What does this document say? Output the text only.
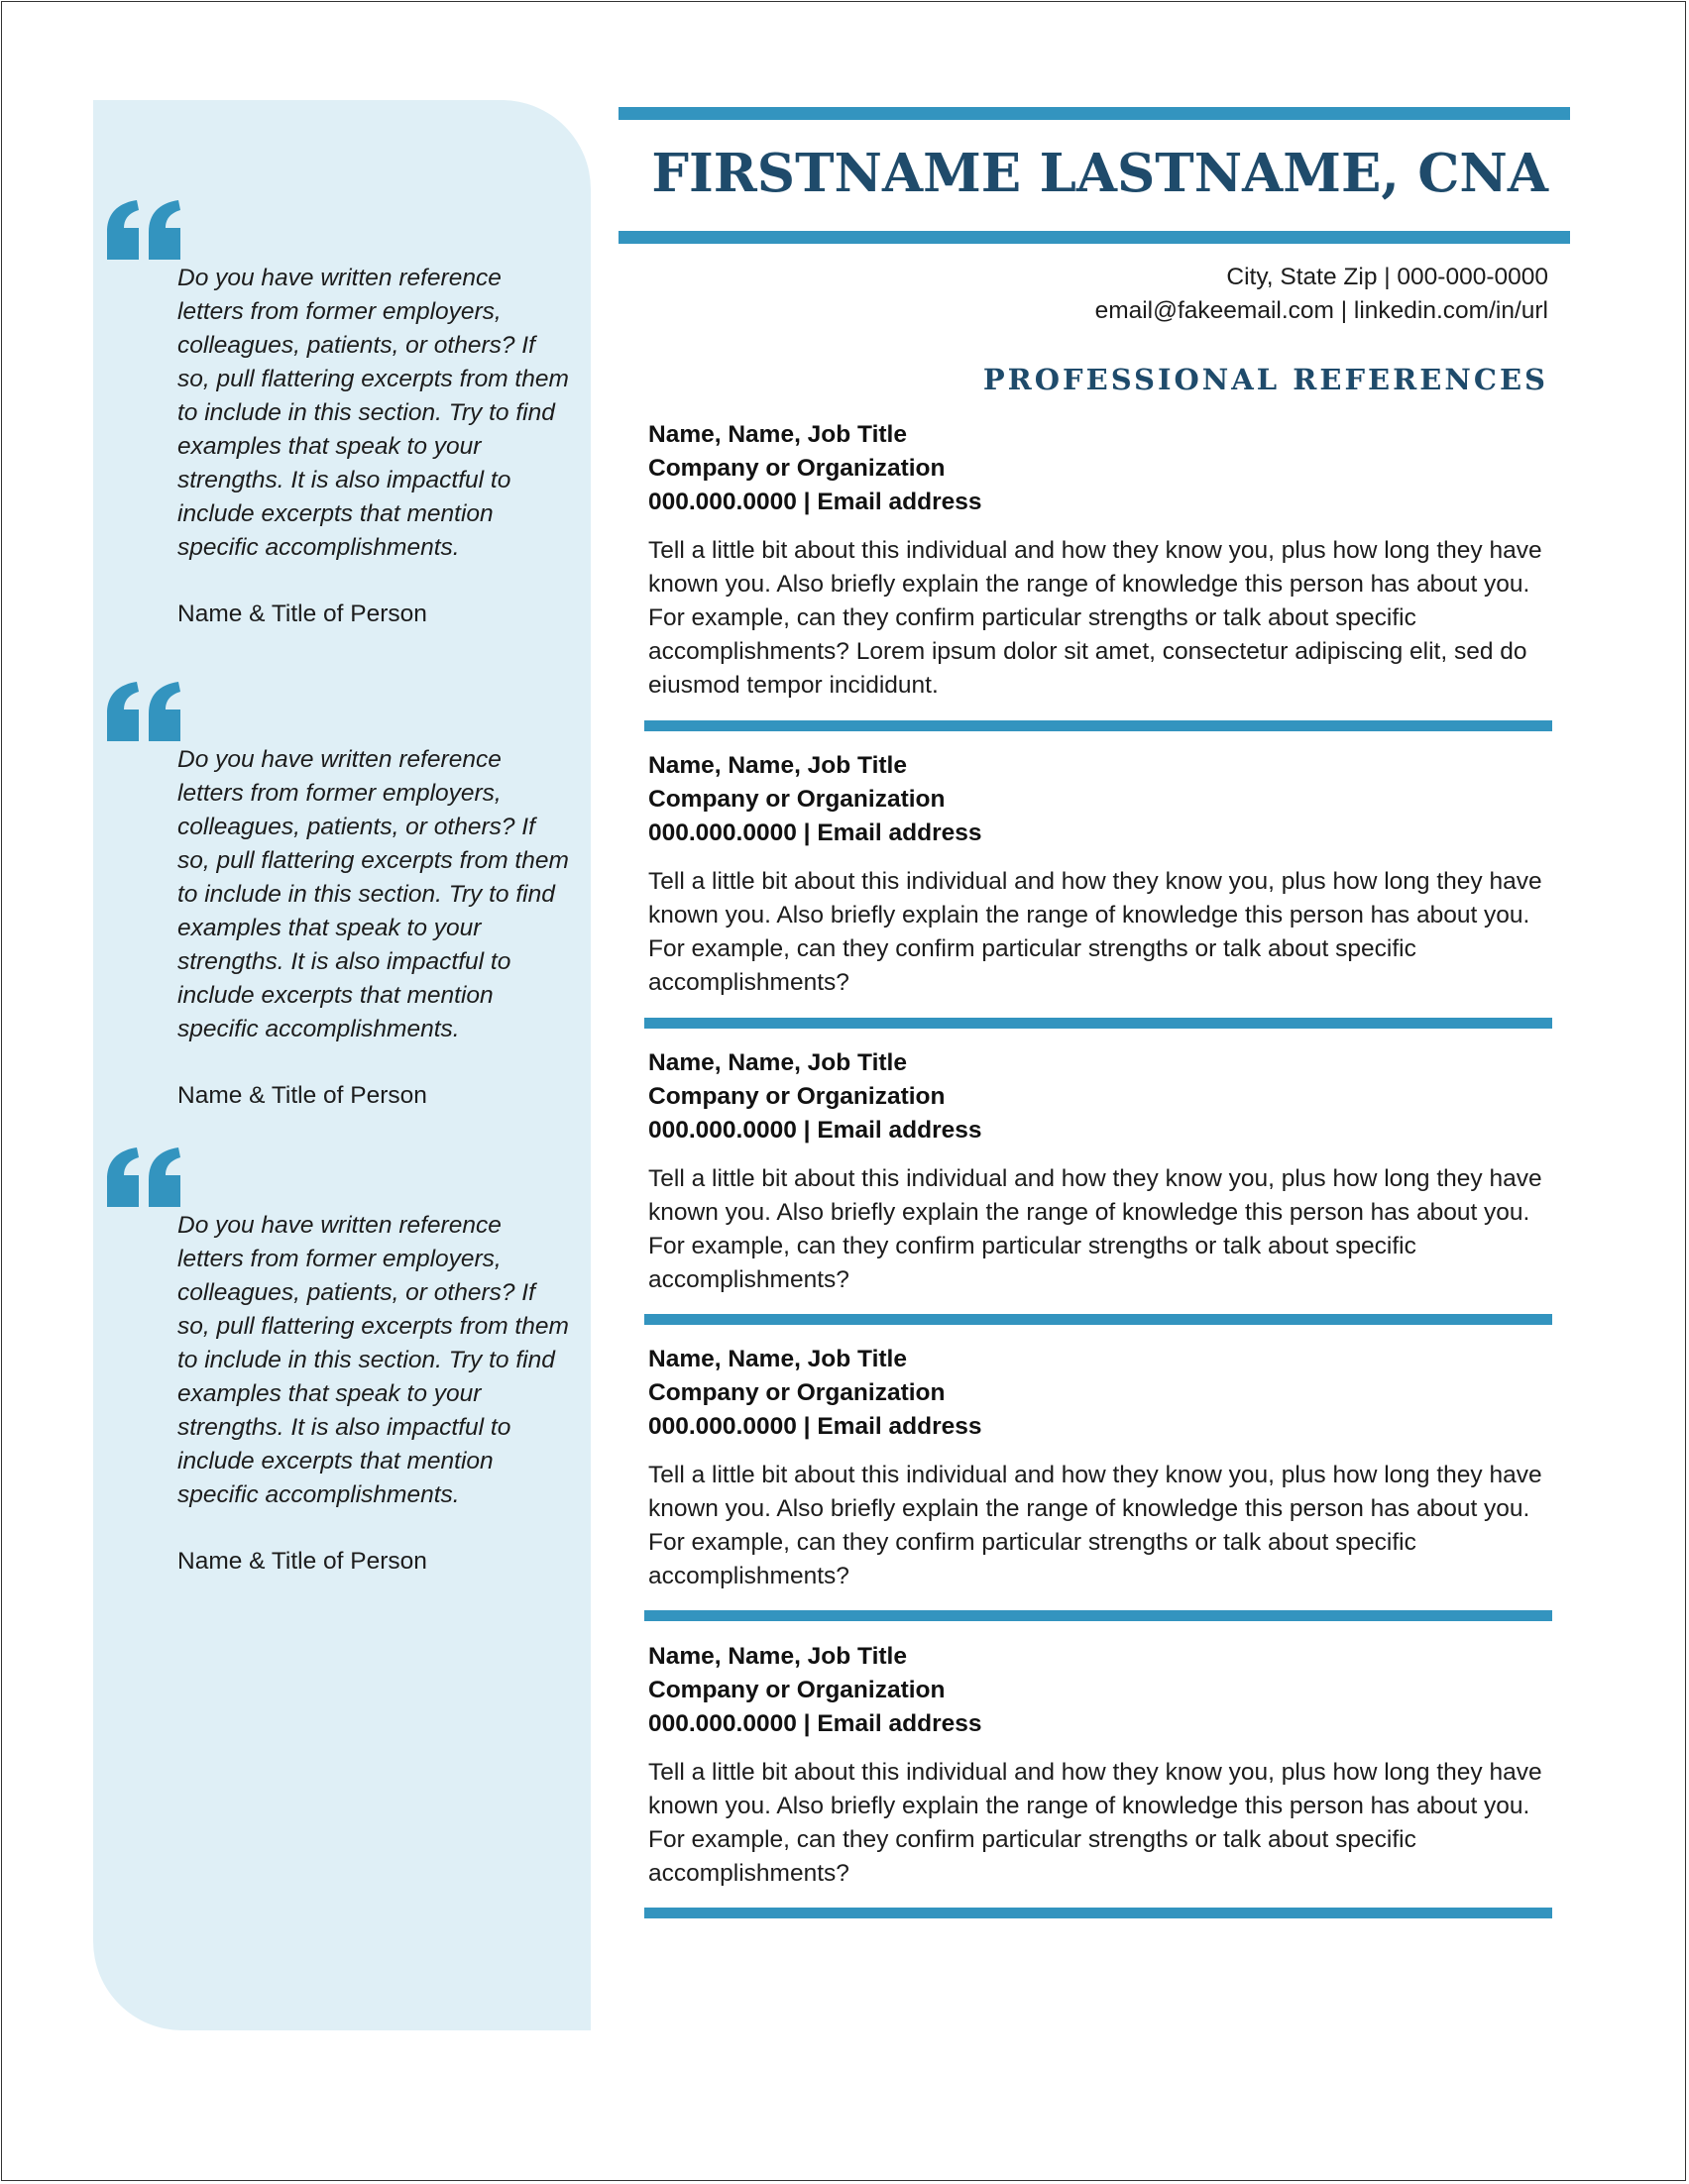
Do you have written reference letters from former employers, colleagues, patients, or others? If so, pull flattering excerpts from them to include in this section. Try to find examples that speak to your strengths. It is also impactful to include excerpts that mention specific accomplishments.

Name & Title of Person

Do you have written reference letters from former employers, colleagues, patients, or others? If so, pull flattering excerpts from them to include in this section. Try to find examples that speak to your strengths. It is also impactful to include excerpts that mention specific accomplishments.

Name & Title of Person

Do you have written reference letters from former employers, colleagues, patients, or others? If so, pull flattering excerpts from them to include in this section. Try to find examples that speak to your strengths. It is also impactful to include excerpts that mention specific accomplishments.

Name & Title of Person
FIRSTNAME LASTNAME, CNA
City, State Zip | 000-000-0000
email@fakeemail.com | linkedin.com/in/url
PROFESSIONAL REFERENCES
Name, Name, Job Title
Company or Organization
000.000.0000 | Email address
Tell a little bit about this individual and how they know you, plus how long they have known you. Also briefly explain the range of knowledge this person has about you. For example, can they confirm particular strengths or talk about specific accomplishments? Lorem ipsum dolor sit amet, consectetur adipiscing elit, sed do eiusmod tempor incididunt.
Name, Name, Job Title
Company or Organization
000.000.0000 | Email address
Tell a little bit about this individual and how they know you, plus how long they have known you. Also briefly explain the range of knowledge this person has about you. For example, can they confirm particular strengths or talk about specific accomplishments?
Name, Name, Job Title
Company or Organization
000.000.0000 | Email address
Tell a little bit about this individual and how they know you, plus how long they have known you. Also briefly explain the range of knowledge this person has about you. For example, can they confirm particular strengths or talk about specific accomplishments?
Name, Name, Job Title
Company or Organization
000.000.0000 | Email address
Tell a little bit about this individual and how they know you, plus how long they have known you. Also briefly explain the range of knowledge this person has about you. For example, can they confirm particular strengths or talk about specific accomplishments?
Name, Name, Job Title
Company or Organization
000.000.0000 | Email address
Tell a little bit about this individual and how they know you, plus how long they have known you. Also briefly explain the range of knowledge this person has about you. For example, can they confirm particular strengths or talk about specific accomplishments?
